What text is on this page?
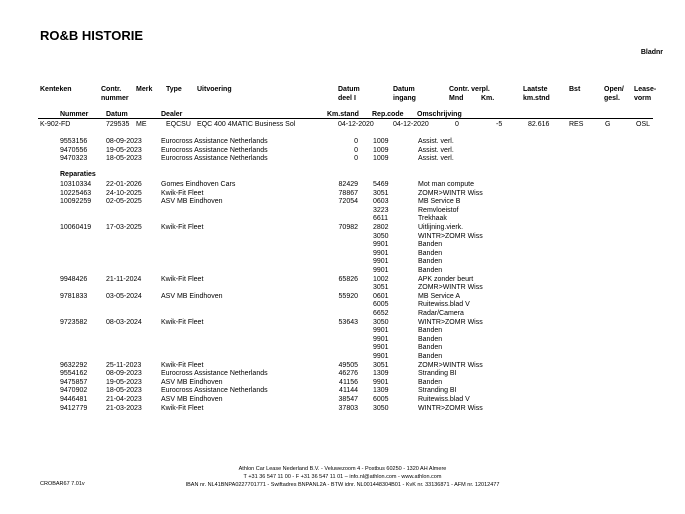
RO&B HISTORIE
Bladnr
Kenteken	Contr. Merk Type Uitvoering	Datum	Datum	Contr. verpl.	Laatste	Bst	Open/ Lease-
nummer	deel I	ingang	Mnd	Km.	km.stnd	gesl. vorm
Nummer	Datum	Dealer	Km.stand Rep.code Omschrijving
K-902-FD	729535 ME	EQCSU EQC 400 4MATIC Business Sol	04-12-2020	04-12-2020	0	-5	82.616	RES	G	OSL
9553156	08-09-2023	Eurocross Assistance Netherlands	0 1009	Assist. verl.
9470556	19-05-2023	Eurocross Assistance Netherlands	0 1009	Assist. verl.
9470323	18-05-2023	Eurocross Assistance Netherlands	0 1009	Assist. verl.
Reparaties
10310334 22-01-2026	Gomes Eindhoven Cars	82429 5469	Mot man compute
10225463 24-10-2025	Kwik-Fit Fleet	78867 3051	ZOMR>WINTR Wiss
10092259 02-05-2025	ASV MB Eindhoven	72054 0603	MB Service B
3223	Remvloeistof
6611	Trekhaak
10060419 17-03-2025	Kwik-Fit Fleet	70982 2802	Uitlijning.vierk.
3050	WINTR>ZOMR Wiss
9901	Banden
9901	Banden
9901	Banden
9901	Banden
9948426	21-11-2024	Kwik-Fit Fleet	65826 1002	APK zonder beurt
3051	ZOMR>WINTR Wiss
9781833	03-05-2024	ASV MB Eindhoven	55920 0601	MB Service A
6005	Ruitewiss.blad V
6652	Radar/Camera
9723582	08-03-2024	Kwik-Fit Fleet	53643 3050	WINTR>ZOMR Wiss
9901	Banden
9901	Banden
9901	Banden
9901	Banden
9632292	25-11-2023	Kwik-Fit Fleet	49505 3051	ZOMR>WINTR Wiss
9554162	08-09-2023	Eurocross Assistance Netherlands	46276 1309	Stranding BI
9475857	19-05-2023	ASV MB Eindhoven	41156 9901	Banden
9470902	18-05-2023	Eurocross Assistance Netherlands	41144 1309	Stranding BI
9446481	21-04-2023	ASV MB Eindhoven	38547 6005	Ruitewiss.blad V
9412779	21-03-2023	Kwik-Fit Fleet	37803 3050	WINTR>ZOMR Wiss
Athlon Car Lease Nederland B.V. - Veluwezoom 4 - Postbus 60250 - 1320 AH Almere
T +31 36 547 11 00 - F +31 36 547 11 01 – info.nl@athlon.com - www.athlon.com
IBAN nr. NL41BNPA0227701771 - Swiftadres BNPANL2A - BTW idnr. NL001448304B01 - KvK nr. 33136871 - AFM nr. 12012477
CROBAR67 7.01v
